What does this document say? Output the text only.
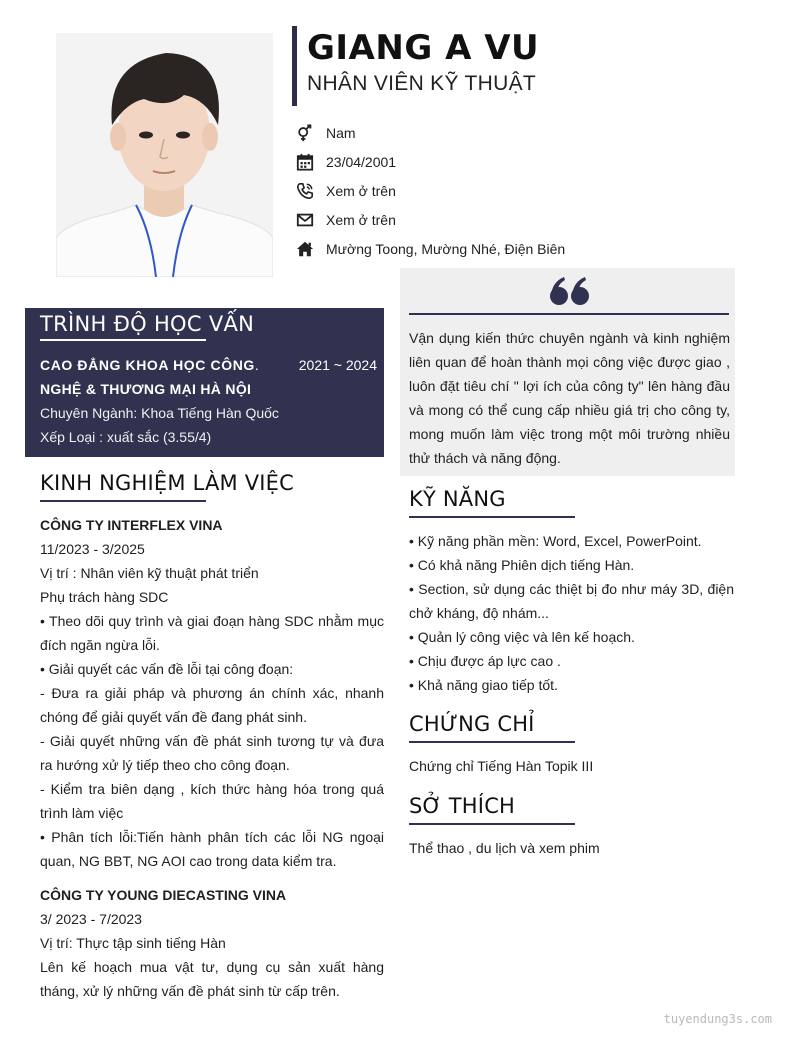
GIANG A VU
NHÂN VIÊN KỸ THUẬT
Nam
23/04/2001
Xem ở trên
Xem ở trên
Mường Toong, Mường Nhé, Điện Biên
TRÌNH ĐỘ HỌC VẤN
CAO ĐẲNG KHOA HỌC CÔNG.	2021 ~ 2024
NGHỆ & THƯƠNG MẠI HÀ NỘI
Chuyên Ngành: Khoa Tiếng Hàn Quốc
Xếp Loại : xuất sắc (3.55/4)
KINH NGHIỆM LÀM VIỆC
CÔNG TY INTERFLEX VINA

11/2023 - 3/2025

Vị trí : Nhân viên kỹ thuật phát triển

Phụ trách hàng SDC

• Theo dõi quy trình và giai đoạn hàng SDC nhằm mục đích ngăn ngừa lỗi.

• Giải quyết các vấn đề lỗi tại công đoạn:

- Đưa ra giải pháp và phương án chính xác, nhanh chóng để giải quyết vấn đề đang phát sinh.

- Giải quyết những vấn đề phát sinh tương tự và đưa ra hướng xử lý tiếp theo cho công đoạn.

- Kiểm tra biên dạng , kích thức hàng hóa trong quá trình làm việc

• Phân tích lỗi:Tiến hành phân tích các lỗi NG ngoại quan, NG BBT, NG AOI cao trong data kiểm tra.

CÔNG TY YOUNG DIECASTING VINA

3/ 2023 - 7/2023

Vị trí: Thực tập sinh tiếng Hàn

Lên kế hoạch mua vật tư, dụng cụ sản xuất hàng tháng, xử lý những vấn đề phát sinh từ cấp trên.

Vận dụng kiến thức chuyên ngành và kinh nghiệm liên quan để hoàn thành mọi công việc được giao , luôn đặt tiêu chí " lợi ích của công ty" lên hàng đầu và mong có thể cung cấp nhiều giá trị cho công ty, mong muốn làm việc trong một môi trường nhiều thử thách và năng động.

KỸ NĂNG

• Kỹ năng phần mền: Word, Excel, PowerPoint.

• Có khả năng Phiên dịch tiếng Hàn.

• Section, sử dụng các thiệt bị đo như máy 3D, điện chở kháng, độ nhám...

• Quản lý công việc và lên kế hoạch.

• Chịu được áp lực cao .

• Khả năng giao tiếp tốt.

CHỨNG CHỈ

Chứng chỉ Tiếng Hàn Topik III

SỞ THÍCH

Thể thao , du lịch và xem phim

tuyendung3s.com
